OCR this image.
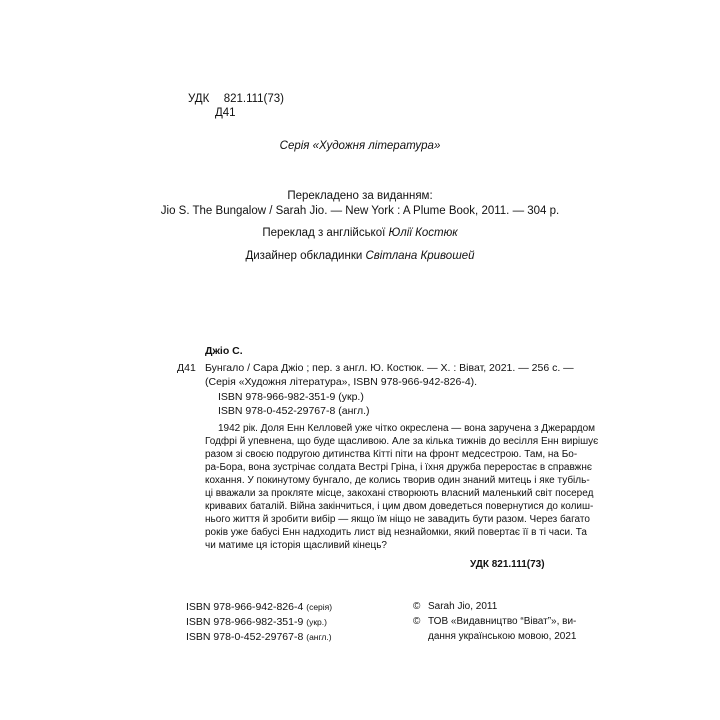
УДК 821.111(73)
Д41
Серія «Художня література»
Перекладено за виданням:
Jio S. The Bungalow / Sarah Jio. — New York : A Plume Book, 2011. — 304 p.
Переклад з англійської Юлії Костюк
Дизайнер обкладинки Світлана Кривошей
Джіо С.
Д41 Бунгало / Сара Джіо ; пер. з англ. Ю. Костюк. — Х. : Віват, 2021. — 256 с. —
(Серія «Художня література», ISBN 978-966-942-826-4).
ISBN 978-966-982-351-9 (укр.)
ISBN 978-0-452-29767-8 (англ.)
1942 рік. Доля Енн Келловей уже чітко окреслена — вона заручена з Джерардом
Годфрі й упевнена, що буде щасливою. Але за кілька тижнів до весілля Енн вирішує
разом зі своєю подругою дитинства Кітті піти на фронт медсестрою. Там, на Бо-
ра-Бора, вона зустрічає солдата Вестрі Гріна, і їхня дружба переростає в справжнє
кохання. У покинутому бунгало, де колись творив один знаний митець і яке тубіль-
ці вважали за прокляте місце, закохані створюють власний маленький світ посеред
кривавих баталій. Війна закінчиться, і цим двом доведеться повернутися до колиш-
нього життя й зробити вибір — якщо їм ніщо не завадить бути разом. Через багато
років уже бабусі Енн надходить лист від незнайомки, який повертає її в ті часи. Та
чи матиме ця історія щасливий кінець?
УДК 821.111(73)
ISBN 978-966-942-826-4 (серія)
ISBN 978-966-982-351-9 (укр.)
ISBN 978-0-452-29767-8 (англ.)
© Sarah Jio, 2011
© ТОВ «Видавництво “Віват”», ви-
дання українською мовою, 2021
